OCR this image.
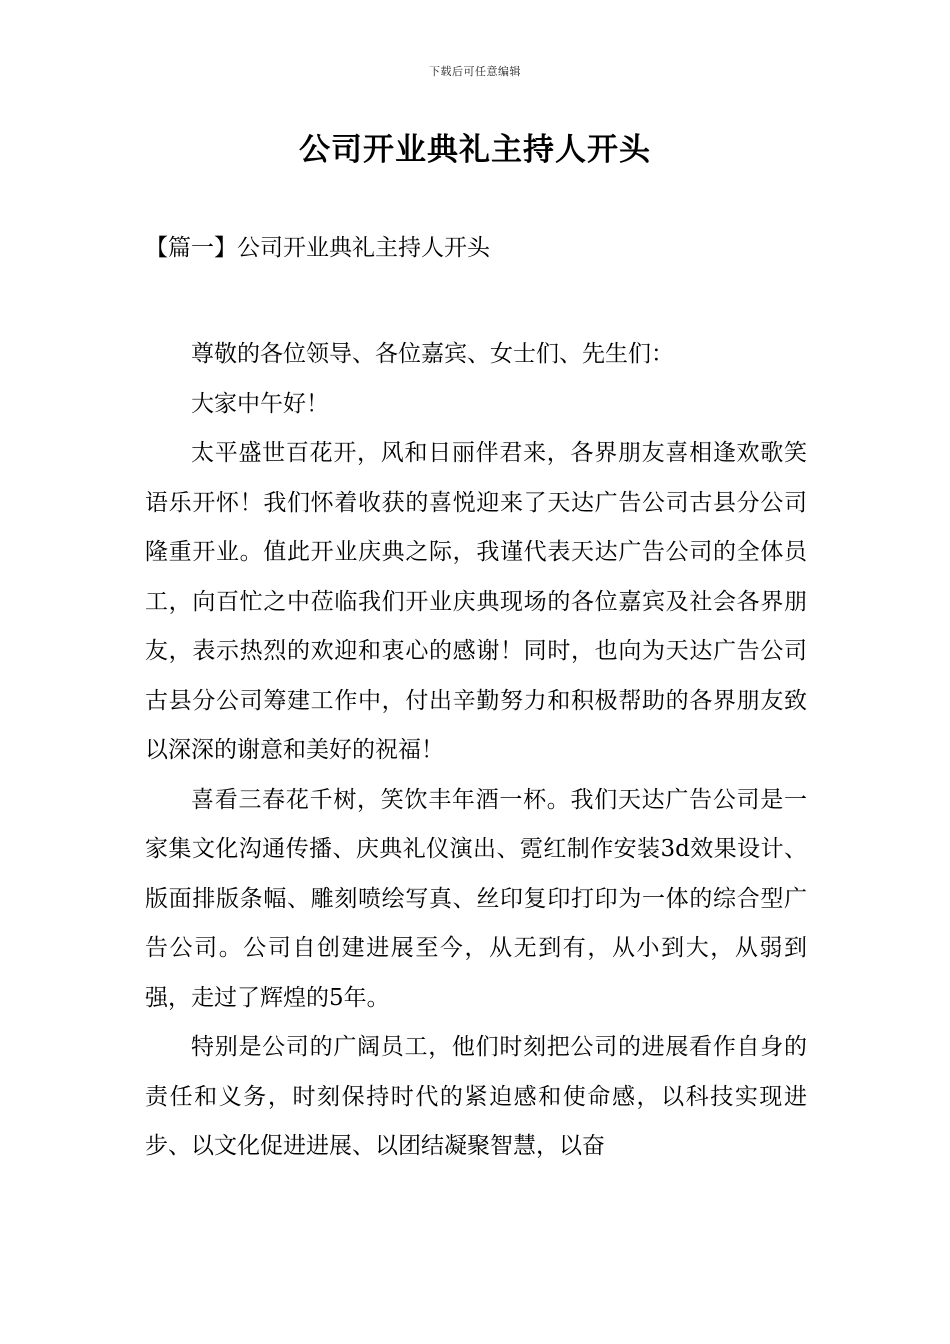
下载后可任意编辑
公司开业典礼主持人开头
【篇一】公司开业典礼主持人开头

尊敬的各位领导、各位嘉宾、女士们、先生们：

大家中午好！

太平盛世百花开，风和日丽伴君来，各界朋友喜相逢欢歌笑语乐开怀！我们怀着收获的喜悦迎来了天达广告公司古县分公司隆重开业。值此开业庆典之际，我谨代表天达广告公司的全体员工，向百忙之中莅临我们开业庆典现场的各位嘉宾及社会各界朋友，表示热烈的欢迎和衷心的感谢！同时，也向为天达广告公司古县分公司筹建工作中，付出辛勤努力和积极帮助的各界朋友致以深深的谢意和美好的祝福！

喜看三春花千树，笑饮丰年酒一杯。我们天达广告公司是一家集文化沟通传播、庆典礼仪演出、霓红制作安装3d效果设计、版面排版条幅、雕刻喷绘写真、丝印复印打印为一体的综合型广告公司。公司自创建进展至今，从无到有，从小到大，从弱到强，走过了辉煌的5年。

特别是公司的广阔员工，他们时刻把公司的进展看作自身的责任和义务，时刻保持时代的紧迫感和使命感，以科技实现进步、以文化促进进展、以团结凝聚智慧，以奋
